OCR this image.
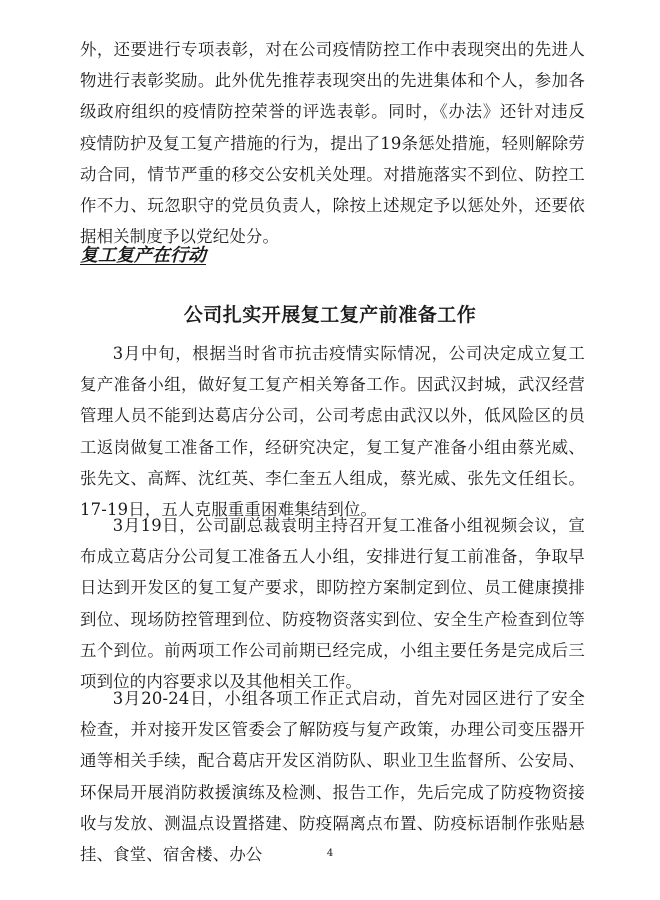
外，还要进行专项表彰，对在公司疫情防控工作中表现突出的先进人物进行表彰奖励。此外优先推荐表现突出的先进集体和个人，参加各级政府组织的疫情防控荣誉的评选表彰。同时，《办法》还针对违反疫情防护及复工复产措施的行为，提出了19条惩处措施，轻则解除劳动合同，情节严重的移交公安机关处理。对措施落实不到位、防控工作不力、玩忽职守的党员负责人，除按上述规定予以惩处外，还要依据相关制度予以党纪处分。

复工复产在行动
公司扎实开展复工复产前准备工作

3月中旬，根据当时省市抗击疫情实际情况，公司决定成立复工复产准备小组，做好复工复产相关筹备工作。因武汉封城，武汉经营管理人员不能到达葛店分公司，公司考虑由武汉以外，低风险区的员工返岗做复工准备工作，经研究决定，复工复产准备小组由蔡光威、张先文、高辉、沈红英、李仁奎五人组成，蔡光威、张先文任组长。17-19日，五人克服重重困难集结到位。

3月19日，公司副总裁袁明主持召开复工准备小组视频会议，宣布成立葛店分公司复工准备五人小组，安排进行复工前准备，争取早日达到开发区的复工复产要求，即防控方案制定到位、员工健康摸排到位、现场防控管理到位、防疫物资落实到位、安全生产检查到位等五个到位。前两项工作公司前期已经完成，小组主要任务是完成后三项到位的内容要求以及其他相关工作。

3月20-24日，小组各项工作正式启动，首先对园区进行了安全检查，并对接开发区管委会了解防疫与复产政策，办理公司变压器开通等相关手续，配合葛店开发区消防队、职业卫生监督所、公安局、环保局开展消防救援演练及检测、报告工作，先后完成了防疫物资接收与发放、测温点设置搭建、防疫隔离点布置、防疫标语制作张贴悬挂、食堂、宿舍楼、办公	4
